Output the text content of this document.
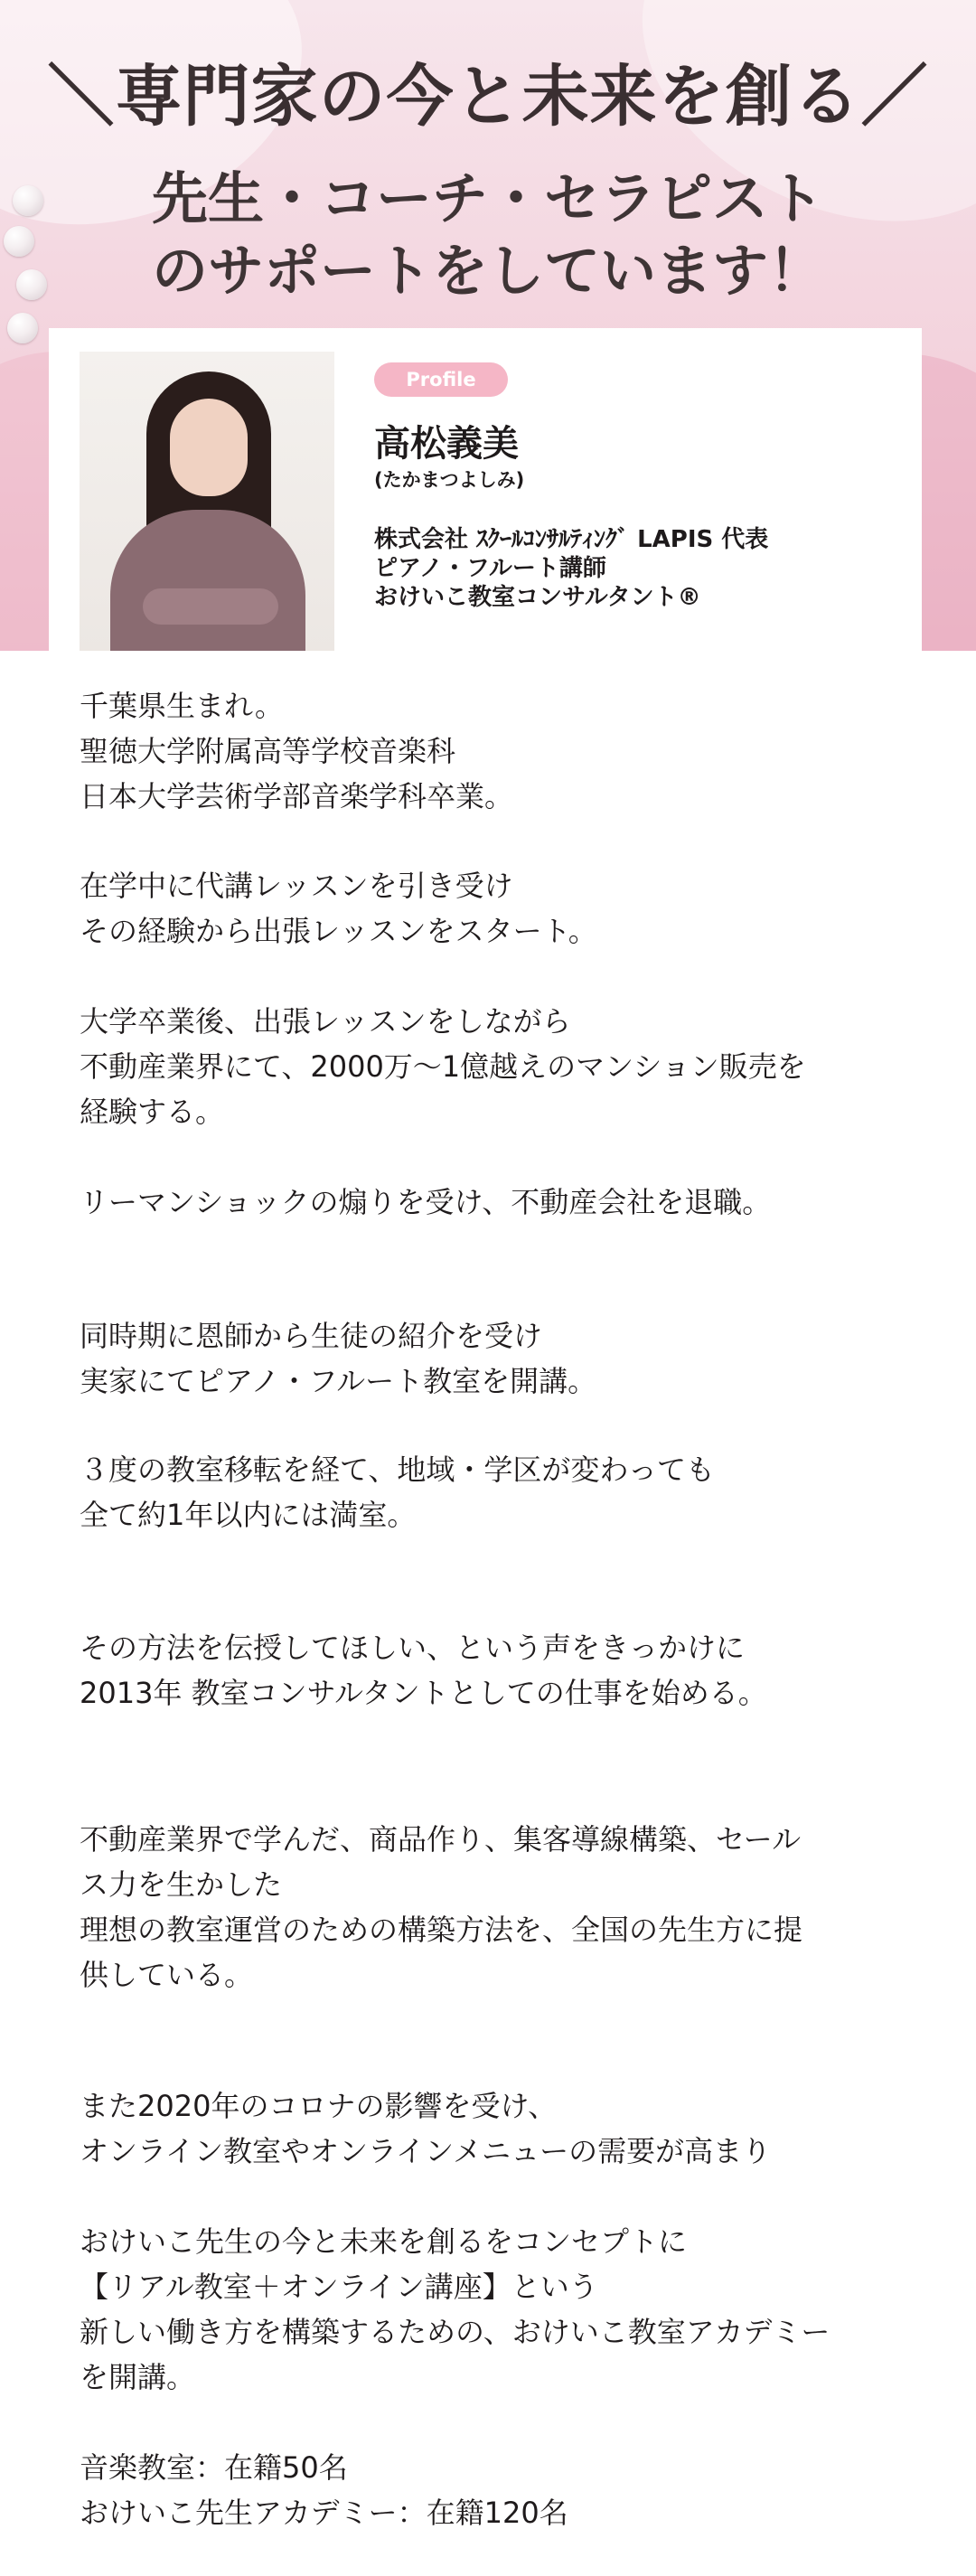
＼専門家の今と未来を創る／
先生・コーチ・セラピスト
のサポートをしています！
Profile
高松義美
(たかまつよしみ)
株式会社 ｽｸｰﾙｺﾝｻﾙﾃｨﾝｸﾞ LAPIS 代表
ピアノ・フルート講師
おけいこ教室コンサルタント®
千葉県生まれ。
聖徳大学附属高等学校音楽科
日本大学芸術学部音楽学科卒業。
在学中に代講レッスンを引き受け
その経験から出張レッスンをスタート。
大学卒業後、出張レッスンをしながら
不動産業界にて、2000万〜1億越えのマンション販売を
経験する。
リーマンショックの煽りを受け、不動産会社を退職。
同時期に恩師から生徒の紹介を受け
実家にてピアノ・フルート教室を開講。
３度の教室移転を経て、地域・学区が変わっても
全て約1年以内には満室。
その方法を伝授してほしい、という声をきっかけに
2013年 教室コンサルタントとしての仕事を始める。
不動産業界で学んだ、商品作り、集客導線構築、セール
ス力を生かした
理想の教室運営のための構築方法を、全国の先生方に提
供している。
また2020年のコロナの影響を受け、
オンライン教室やオンラインメニューの需要が高まり
おけいこ先生の今と未来を創るをコンセプトに
【リアル教室＋オンライン講座】という
新しい働き方を構築するための、おけいこ教室アカデミー
を開講。
音楽教室：在籍50名
おけいこ先生アカデミー：在籍120名
